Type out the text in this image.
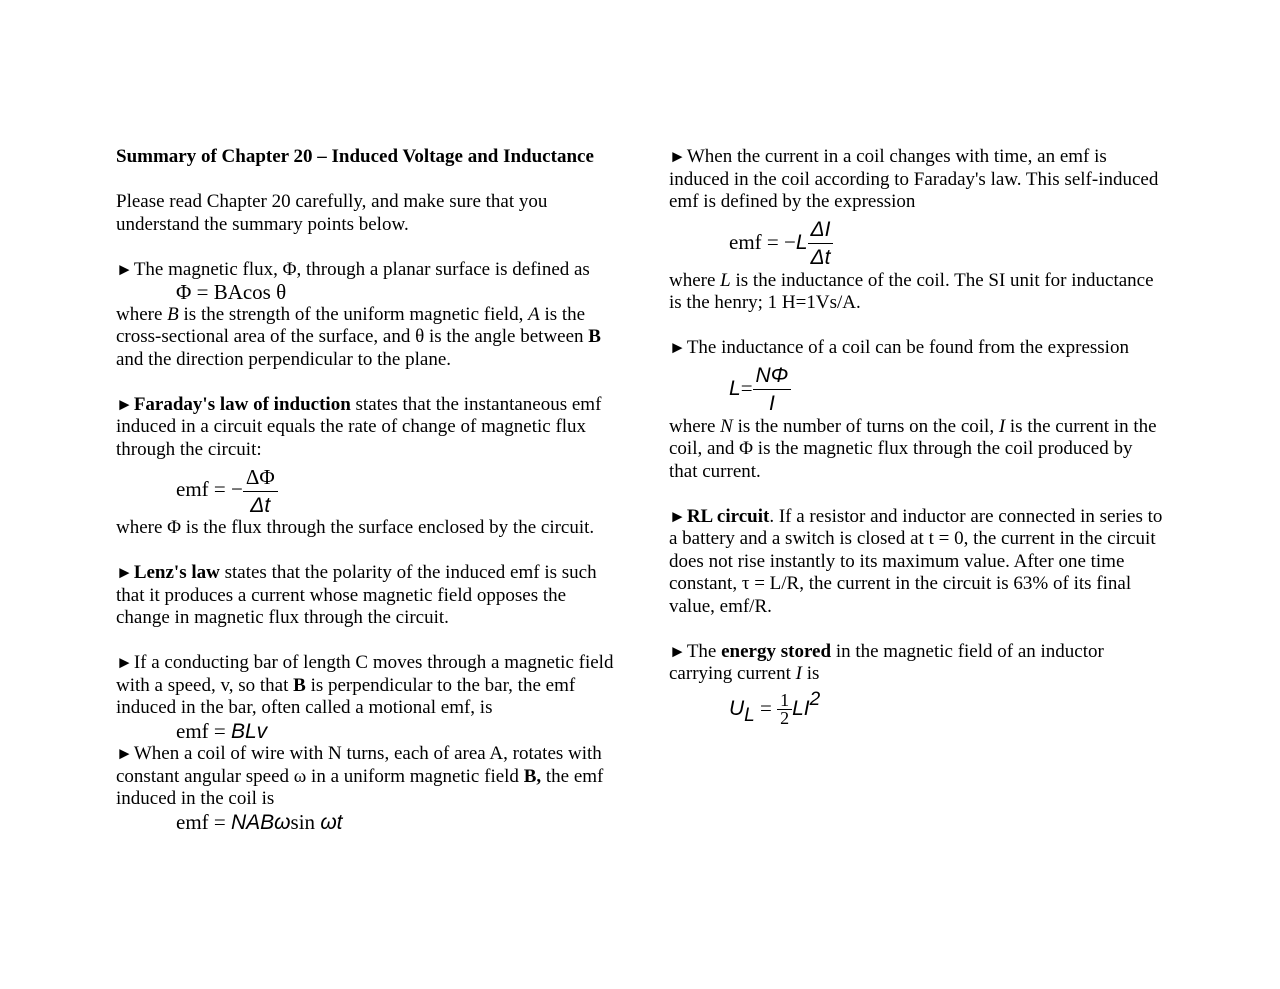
Summary of Chapter 20 – Induced Voltage and Inductance

Please read Chapter 20 carefully, and make sure that you understand the summary points below.

►The magnetic flux, Φ, through a planar surface is defined as

Φ = BAcos θ

where B is the strength of the uniform magnetic field, A is the cross-sectional area of the surface, and θ is the angle between B and the direction perpendicular to the plane.

►Faraday's law of induction states that the instantaneous emf induced in a circuit equals the rate of change of magnetic flux through the circuit:

emf = − $\frac{\Delta\Phi}{\Delta t}$

where Φ is the flux through the surface enclosed by the circuit.

►Lenz's law states that the polarity of the induced emf is such that it produces a current whose magnetic field opposes the change in magnetic flux through the circuit.

►If a conducting bar of length C moves through a magnetic field with a speed, v, so that B is perpendicular to the bar, the emf induced in the bar, often called a motional emf, is

emf = BLv

►When a coil of wire with N turns, each of area A, rotates with constant angular speed ω in a uniform magnetic field B, the emf induced in the coil is

emf = NABωsin ωt

►When the current in a coil changes with time, an emf is induced in the coil according to Faraday's law. This self-induced emf is defined by the expression

emf = $-L \frac{\Delta I}{\Delta t}$

where L is the inductance of the coil. The SI unit for inductance is the henry; 1 H=1Vs/A.

►The inductance of a coil can be found from the expression

$L= \frac{N\Phi}{I}$

where N is the number of turns on the coil, I is the current in the coil, and Φ is the magnetic flux through the coil produced by that current.

►RL circuit. If a resistor and inductor are connected in series to a battery and a switch is closed at t = 0, the current in the circuit does not rise instantly to its maximum value. After one time constant, τ = L/R, the current in the circuit is 63% of its final value, emf/R.

►The energy stored in the magnetic field of an inductor carrying current I is

UL = $\frac{1}{2} LI2$
